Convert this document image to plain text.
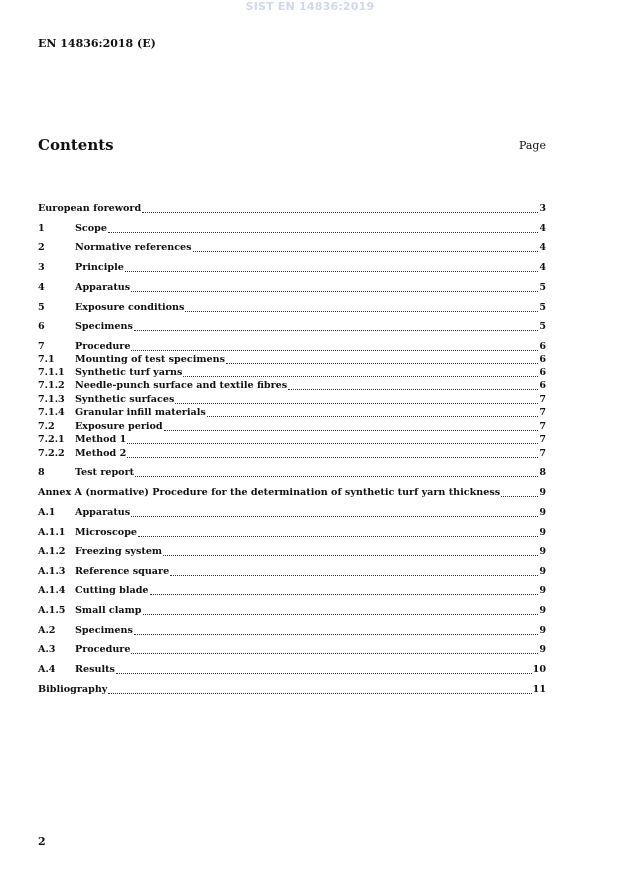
SIST EN 14836:2019
EN 14836:2018 (E)
Contents	Page
European foreword	3
1	Scope	4
2	Normative references	4
3	Principle	4
4	Apparatus	5
5	Exposure conditions	5
6	Specimens	5
7	Procedure	6
7.1	Mounting of test specimens	6
7.1.1	Synthetic turf yarns	6
7.1.2	Needle-punch surface and textile fibres	6
7.1.3	Synthetic surfaces	7
7.1.4	Granular infill materials	7
7.2	Exposure period	7
7.2.1	Method 1	7
7.2.2	Method 2	7
8	Test report	8
Annex A (normative) Procedure for the determination of synthetic turf yarn thickness	9
A.1	Apparatus	9
A.1.1 Microscope	9
A.1.2 Freezing system	9
A.1.3 Reference square	9
A.1.4 Cutting blade	9
A.1.5 Small clamp	9
A.2	Specimens	9
A.3	Procedure	9
A.4	Results	10
Bibliography	11
2
